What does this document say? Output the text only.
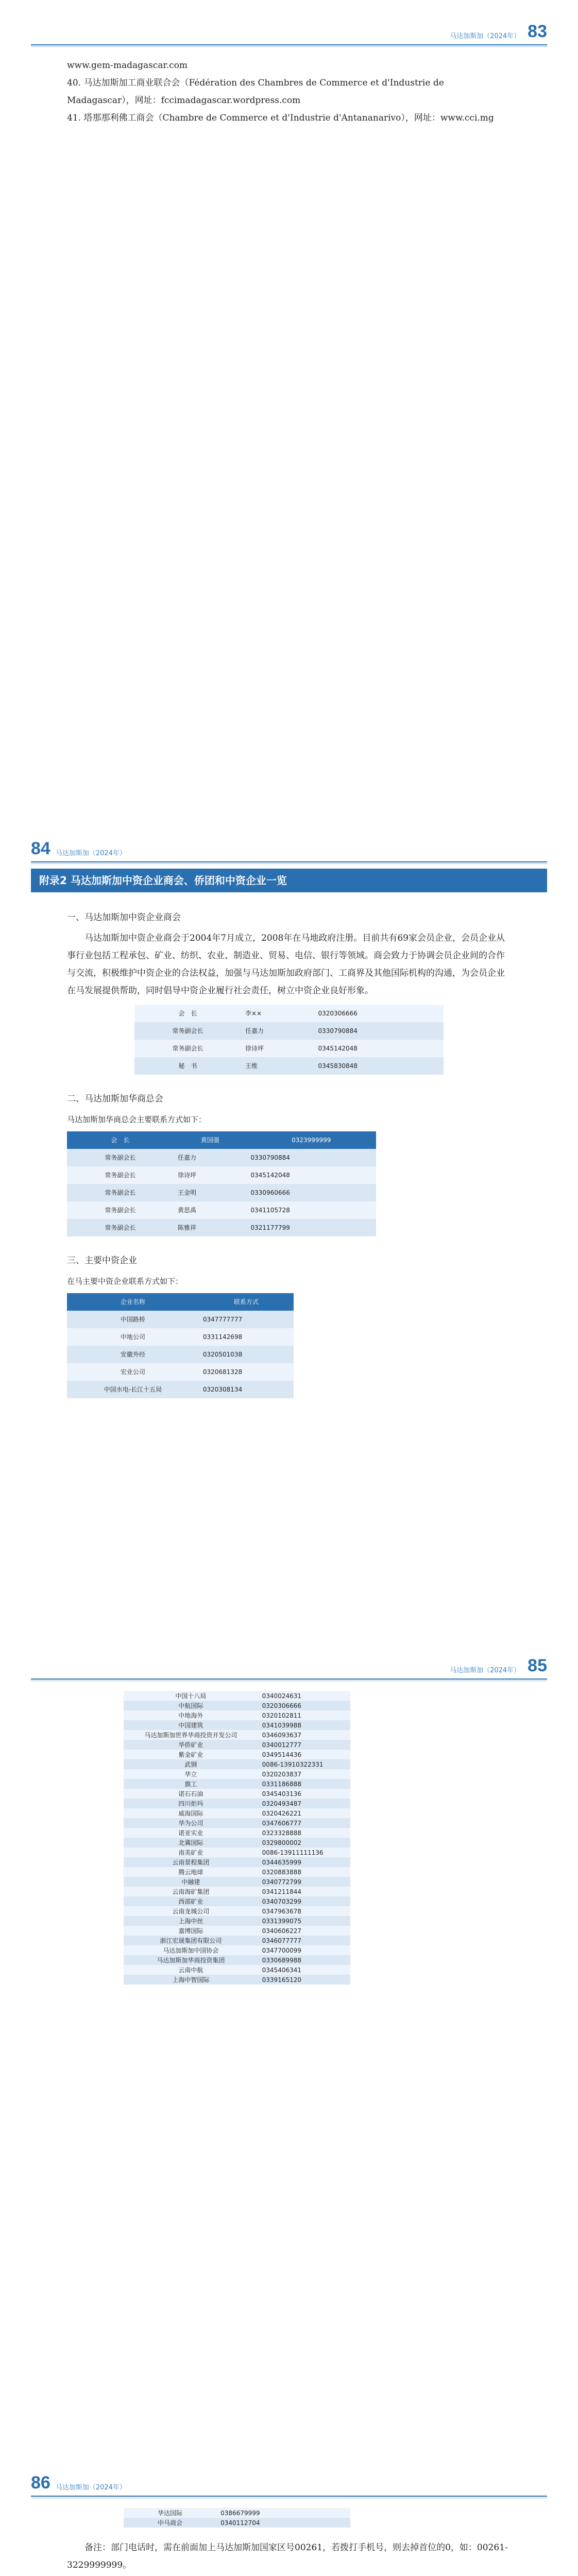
马达加斯加（2024年） 83

www.gem-madagascar.com

40. 马达加斯加工商业联合会（Fédération des Chambres de Commerce et d'Industrie de Madagascar），网址：fccimadagascar.wordpress.com

41. 塔那那利佛工商会（Chambre de Commerce et d'Industrie d'Antananarivo），网址：www.cci.mg

84 马达加斯加（2024年）
附录2 马达加斯加中资企业商会、侨团和中资企业一览

一、马达加斯加中资企业商会

马达加斯加中资企业商会于2004年7月成立，2008年在马地政府注册。目前共有69家会员企业，会员企业从事行业包括工程承包、矿业、纺织、农业、制造业、贸易、电信、银行等领域。商会致力于协调会员企业间的合作与交流，积极维护中资企业的合法权益，加强与马达加斯加政府部门、工商界及其他国际机构的沟通，为会员企业在马发展提供帮助，同时倡导中资企业履行社会责任，树立中资企业良好形象。

会　长	李××	0320306666
常务副会长	任嘉力	0330790884
常务副会长	徐诗坪	0345142048
秘　书	王维	0345830848

二、马达加斯加华商总会

马达加斯加华商总会主要联系方式如下：

会　长	黄国强	0323999999
常务副会长	任嘉力	0330790884
常务副会长	徐诗坪	0345142048
常务副会长	王金明	0330960666
常务副会长	黄思禹	0341105728
常务副会长	陈雅祥	0321177799

三、主要中资企业

在马主要中资企业联系方式如下：

企业名称	联系方式
中国路桥	0347777777
中地公司	0331142698
安徽外经	0320501038
宏业公司	0320681328
中国水电-长江十五局	0320308134
马达加斯加（2024年） 85
中国十八局	0340024631
中航国际	0320306666
中地海外	0320102811
中国建筑	0341039988
马达加斯加世界华商投资开发公司	0346093637
华侨矿业	0340012777
紫金矿业	0349514436
武钢	0086-13910322331
华立	0320203837
旗工	0331186888
诺石石油	0345403136
四川炬玛	0320493487
威海国际	0320426221
华为公司	0347606777
诺亚实业	0323328888
北冀国际	0329800002
南美矿业	0086-13911111136
云南景程集团	0344635999
腾云地球	0320883888
中融建	0340772799
云南海矿集团	0341211844
西部矿业	0340703299
云南龙城公司	0347963678
上海中丝	0331399075
嘉博国际	0340606227
浙江宏晟集团有限公司	0346077777
马达加斯加中国协会	0347700099
马达加斯加华商投资集团	0330689988
云南中航	0345406341
上海中智国际	0339165120
86 马达加斯加（2024年）
华达国际	0386679999
中马商会	0340112704

备注：部门电话时，需在前面加上马达加斯加国家区号00261，若拨打手机号，则去掉首位的0，如：00261-3229999999。
